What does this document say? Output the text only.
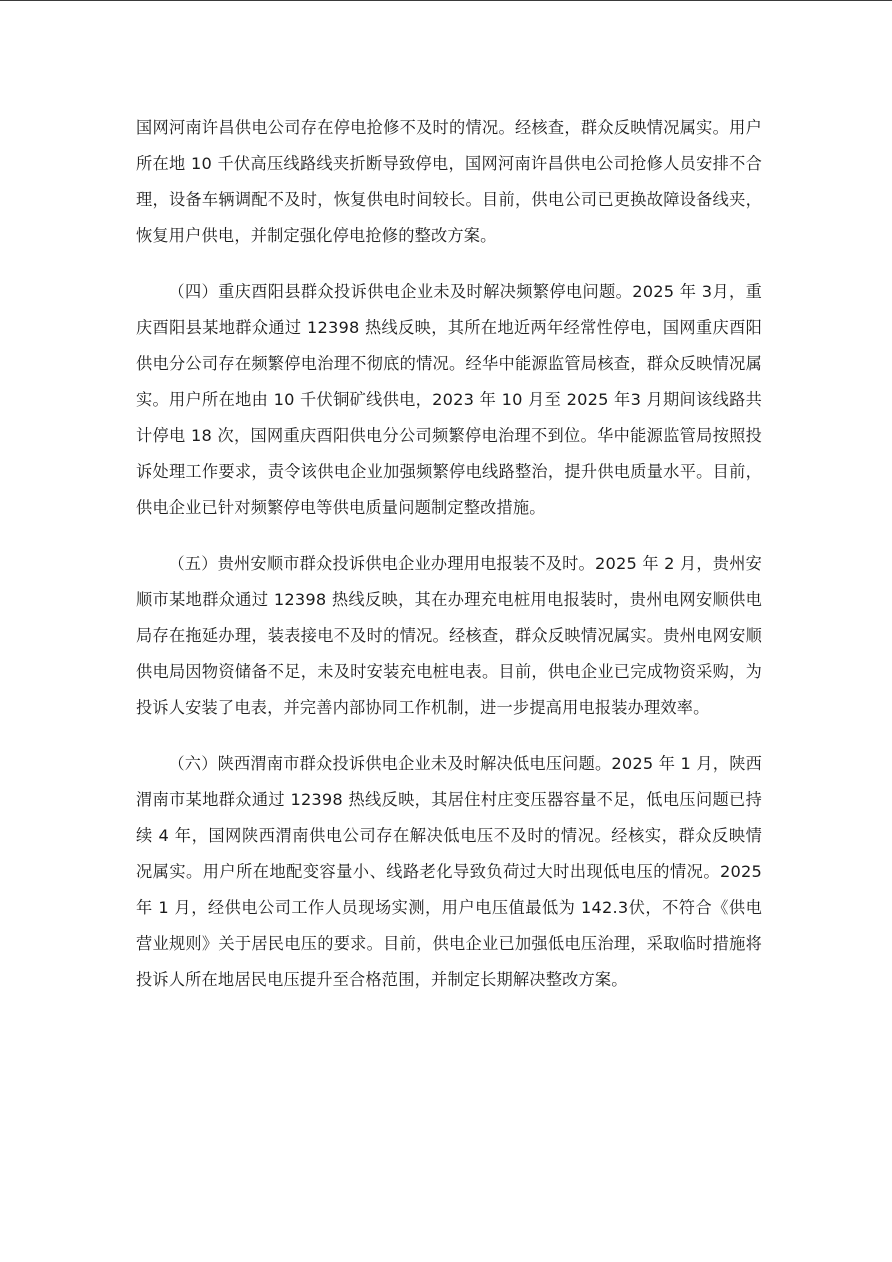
国网河南许昌供电公司存在停电抢修不及时的情况。经核查，群众反映情况属实。用户所在地 10 千伏高压线路线夹折断导致停电，国网河南许昌供电公司抢修人员安排不合理，设备车辆调配不及时，恢复供电时间较长。目前，供电公司已更换故障设备线夹，恢复用户供电，并制定强化停电抢修的整改方案。

（四）重庆酉阳县群众投诉供电企业未及时解决频繁停电问题。2025 年 3月，重庆酉阳县某地群众通过 12398 热线反映，其所在地近两年经常性停电，国网重庆酉阳供电分公司存在频繁停电治理不彻底的情况。经华中能源监管局核查，群众反映情况属实。用户所在地由 10 千伏铜矿线供电，2023 年 10 月至 2025 年3 月期间该线路共计停电 18 次，国网重庆酉阳供电分公司频繁停电治理不到位。华中能源监管局按照投诉处理工作要求，责令该供电企业加强频繁停电线路整治，提升供电质量水平。目前，供电企业已针对频繁停电等供电质量问题制定整改措施。

（五）贵州安顺市群众投诉供电企业办理用电报装不及时。2025 年 2 月，贵州安顺市某地群众通过 12398 热线反映，其在办理充电桩用电报装时，贵州电网安顺供电局存在拖延办理，装表接电不及时的情况。经核查，群众反映情况属实。贵州电网安顺供电局因物资储备不足，未及时安装充电桩电表。目前，供电企业已完成物资采购，为投诉人安装了电表，并完善内部协同工作机制，进一步提高用电报装办理效率。

（六）陕西渭南市群众投诉供电企业未及时解决低电压问题。2025 年 1 月，陕西渭南市某地群众通过 12398 热线反映，其居住村庄变压器容量不足，低电压问题已持续 4 年，国网陕西渭南供电公司存在解决低电压不及时的情况。经核实，群众反映情况属实。用户所在地配变容量小、线路老化导致负荷过大时出现低电压的情况。2025 年 1 月，经供电公司工作人员现场实测，用户电压值最低为 142.3伏，不符合《供电营业规则》关于居民电压的要求。目前，供电企业已加强低电压治理，采取临时措施将投诉人所在地居民电压提升至合格范围，并制定长期解决整改方案。
